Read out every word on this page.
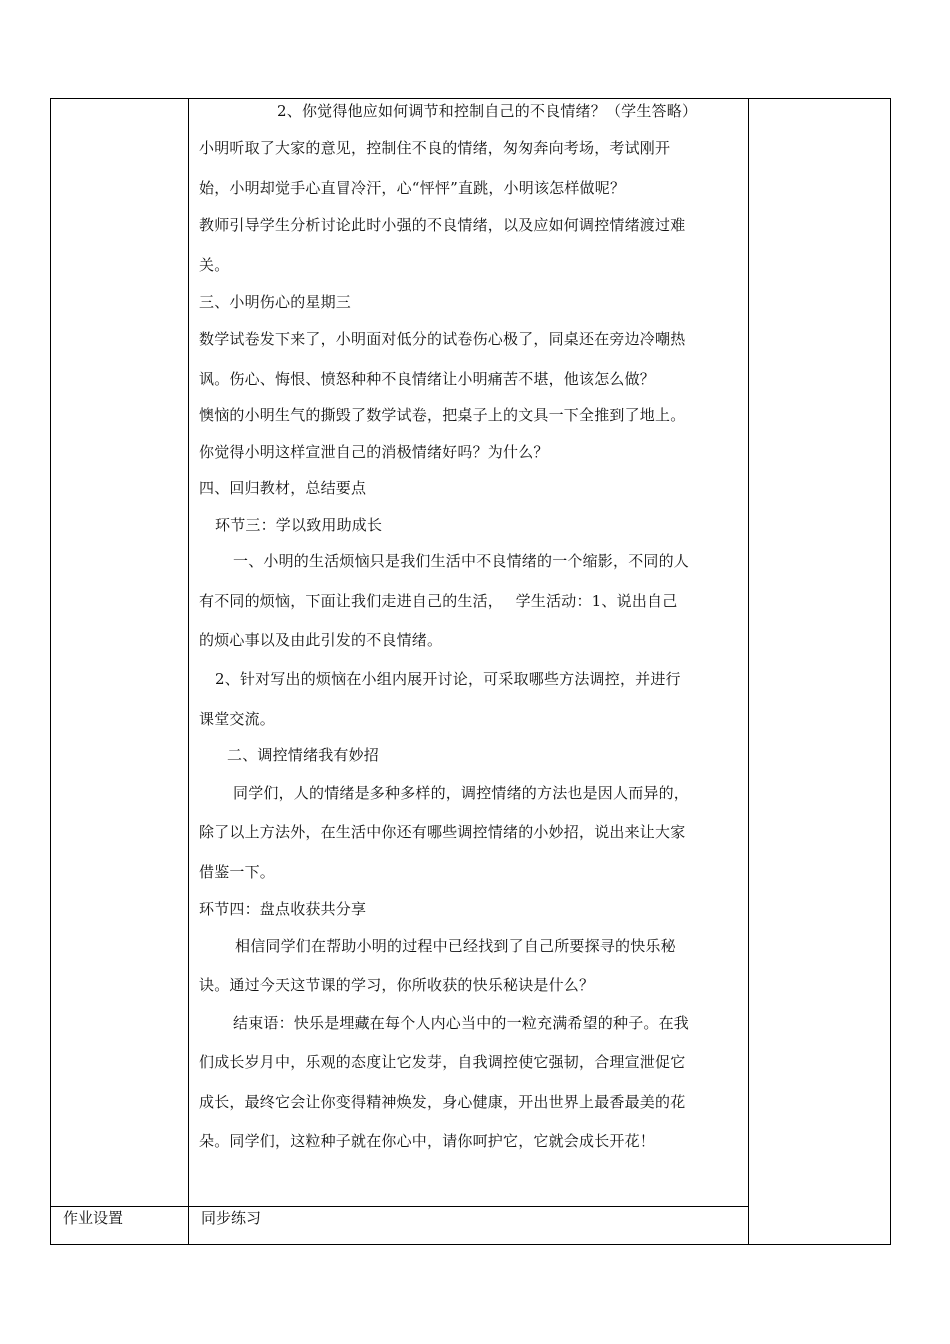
2、你觉得他应如何调节和控制自己的不良情绪？（学生答略）
小明听取了大家的意见，控制住不良的情绪，匆匆奔向考场，考试刚开
始，小明却觉手心直冒冷汗，心“怦怦”直跳，小明该怎样做呢？
教师引导学生分析讨论此时小强的不良情绪，以及应如何调控情绪渡过难
关。
三、小明伤心的星期三
数学试卷发下来了，小明面对低分的试卷伤心极了，同桌还在旁边冷嘲热
讽。伤心、悔恨、愤怒种种不良情绪让小明痛苦不堪，他该怎么做？
懊恼的小明生气的撕毁了数学试卷，把桌子上的文具一下全推到了地上。
你觉得小明这样宣泄自己的消极情绪好吗？为什么？
四、回归教材，总结要点
环节三：学以致用助成长
一、小明的生活烦恼只是我们生活中不良情绪的一个缩影，不同的人
有不同的烦恼，下面让我们走进自己的生活，　 学生活动：1、说出自己
的烦心事以及由此引发的不良情绪。
2、针对写出的烦恼在小组内展开讨论，可采取哪些方法调控，并进行
课堂交流。
二、调控情绪我有妙招
同学们，人的情绪是多种多样的，调控情绪的方法也是因人而异的，
除了以上方法外，在生活中你还有哪些调控情绪的小妙招，说出来让大家
借鉴一下。
环节四：盘点收获共分享
相信同学们在帮助小明的过程中已经找到了自己所要探寻的快乐秘
诀。通过今天这节课的学习，你所收获的快乐秘诀是什么？
结束语：快乐是埋藏在每个人内心当中的一粒充满希望的种子。在我
们成长岁月中，乐观的态度让它发芽，自我调控使它强韧，合理宣泄促它
成长，最终它会让你变得精神焕发，身心健康，开出世界上最香最美的花
朵。同学们，这粒种子就在你心中，请你呵护它，它就会成长开花！
作业设置	同步练习
